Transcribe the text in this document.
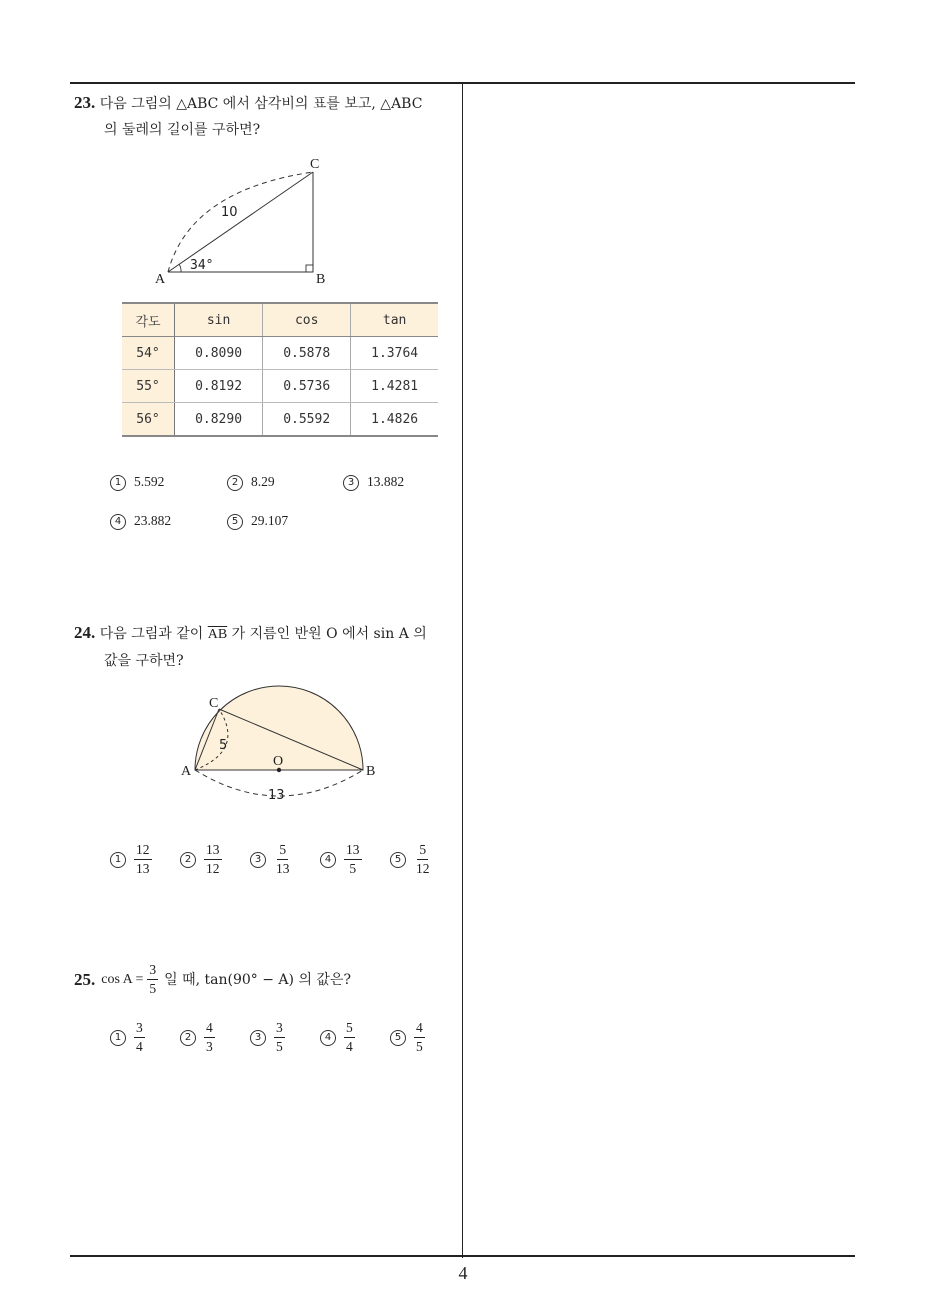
4
23. 다음 그림의 △ABC 에서 삼각비의 표를 보고, △ABC
의 둘레의 길이를 구하면?
A	B
C
10
34°
각도	sin	cos	tan
54°	0.8090	0.5878	1.3764
55°	0.8192	0.5736	1.4281
56°	0.8290	0.5592	1.4826
1 5.592	2 8.29	3 13.882
4 23.882	5 29.107
24. 다음 그림과 같이 $\overline{AB}$ 가 지름인 반원 O 에서 sin A 의
값을 구하면?
A	B
C
O
5
13
$1 \frac{12}{13}$	$2 \frac{13}{12}$	$3 \frac{5}{13}$	$4 \frac{13}{5}$	$5 \frac{5}{12}$
25. $\cos A = \frac{3}{5}$ 일 때, tan(90° − A) 의 값은?
$1 \frac{3}{4}$	$2 \frac{4}{3}$	$3 \frac{3}{5}$	$4 \frac{5}{4}$	$5 \frac{4}{5}$
